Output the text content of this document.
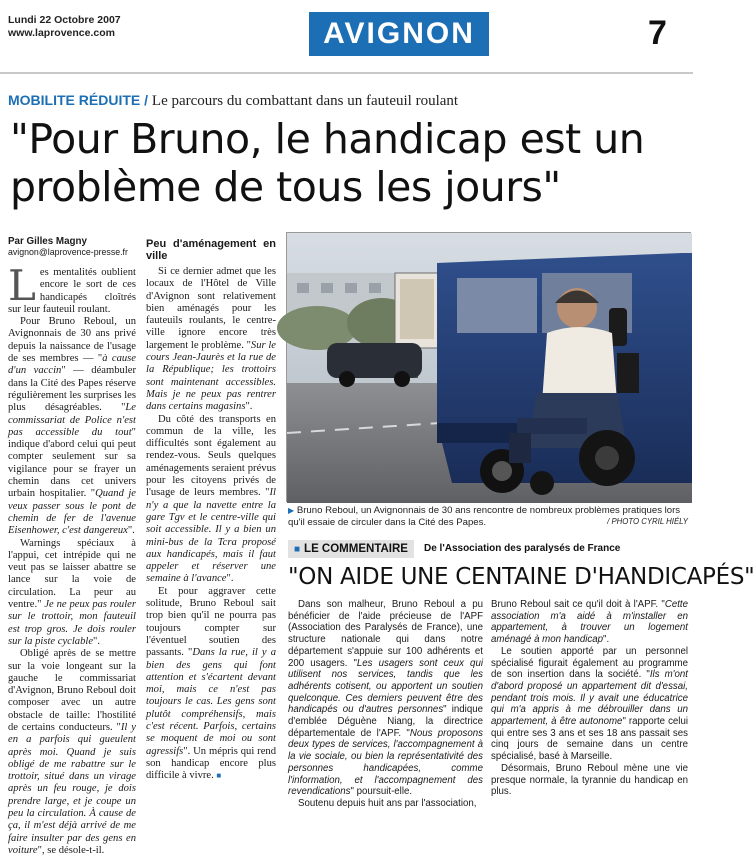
Lundi 22 Octobre 2007
www.laprovence.com	AVIGNON	7
MOBILITE RÉDUITE / Le parcours du combattant dans un fauteuil roulant
"Pour Bruno, le handicap est un problème de tous les jours"
Par Gilles Magny
avignon@laprovence-presse.fr

Les mentalités oublient encore le sort de ces handicapés cloîtrés sur leur fauteuil roulant.

Pour Bruno Reboul, un Avignonnais de 30 ans privé depuis la naissance de l'usage de ses membres — "à cause d'un vaccin" — déambuler dans la Cité des Papes réserve régulièrement les surprises les plus désagréables. "Le commissariat de Police n'est pas accessible du tout" indique d'abord celui qui peut compter seulement sur sa vigilance pour se frayer un chemin dans cet univers urbain hospitalier. "Quand je veux passer sous le pont de chemin de fer de l'avenue Eisenhower, c'est dangereux".

Warnings spéciaux à l'appui, cet intrépide qui ne veut pas se laisser abattre se lance sur la voie de circulation. La peur au ventre." Je ne peux pas rouler sur le trottoir, mon fauteuil est trop gros. Je dois rouler sur la piste cyclable".

Obligé après de se mettre sur la voie longeant sur la gauche le commissariat d'Avignon, Bruno Reboul doit composer avec un autre obstacle de taille: l'hostilité de certains conducteurs. "Il y en a parfois qui gueulent après moi. Quand je suis obligé de me rabattre sur le trottoir, situé dans un virage après un feu rouge, je dois prendre large, et je coupe un peu la circulation. À cause de ça, il m'est déjà arrivé de me faire insulter par des gens en voiture", se désole-t-il.

Peu d'aménagement en ville

Si ce dernier admet que les locaux de l'Hôtel de Ville d'Avignon sont relativement bien aménagés pour les fauteuils roulants, le centre-ville ignore encore très largement le problème. "Sur le cours Jean-Jaurès et la rue de la République; les trottoirs sont maintenant accessibles. Mais je ne peux pas rentrer dans certains magasins".

Du côté des transports en commun de la ville, les difficultés sont également au rendez-vous. Seuls quelques aménagements seraient prévus pour les citoyens privés de l'usage de leurs membres. "Il n'y a que la navette entre la gare Tgv et le centre-ville qui soit accessible. Il y a bien un mini-bus de la Tcra proposé aux handicapés, mais il faut appeler et réserver une semaine à l'avance".

Et pour aggraver cette solitude, Bruno Reboul sait trop bien qu'il ne pourra pas toujours compter sur l'éventuel soutien des passants. "Dans la rue, il y a bien des gens qui font attention et s'écartent devant moi, mais ce n'est pas toujours le cas. Les gens sont plutôt compréhensifs, mais c'est récent. Parfois, certains se moquent de moi ou sont agressifs". Un mépris qui rend son handicap encore plus difficile à vivre. ■

▶ Bruno Reboul, un Avignonnais de 30 ans rencontre de nombreux problèmes pratiques lors qu'il essaie de circuler dans la Cité des Papes.	/ PHOTO CYRIL HIÉLY
■ LE COMMENTAIRE	De l'Association des paralysés de France
"ON AIDE UNE CENTAINE D'HANDICAPÉS"

Dans son malheur, Bruno Reboul a pu bénéficier de l'aide précieuse de l'APF (Association des Paralysés de France), une structure nationale qui dans notre département s'appuie sur 100 adhérents et 200 usagers. "Les usagers sont ceux qui utilisent nos services, tandis que les adhérents cotisent, ou apportent un soutien quelconque. Ces derniers peuvent être des handicapés ou d'autres personnes" indique d'emblée Déguène Niang, la directrice départementale de l'APF. "Nous proposons deux types de services, l'accompagnement à la vie sociale, ou bien la représentativité des personnes handicapées, comme l'information, et l'accompagnement des revendications" poursuit-elle.

Soutenu depuis huit ans par l'association,

Bruno Reboul sait ce qu'il doit à l'APF. "Cette association m'a aidé à m'installer en appartement, à trouver un logement aménagé à mon handicap".

Le soutien apporté par un personnel spécialisé figurait également au programme de son insertion dans la société. "Ils m'ont d'abord proposé un appartement dit d'essai, pendant trois mois. Il y avait une éducatrice qui m'a appris à me débrouiller dans un appartement, à être autonome" rapporte celui qui entre ses 3 ans et ses 18 ans passait ses cinq jours de semaine dans un centre spécialisé, basé à Marseille.

Désormais, Bruno Reboul mène une vie presque normale, la tyrannie du handicap en plus.
